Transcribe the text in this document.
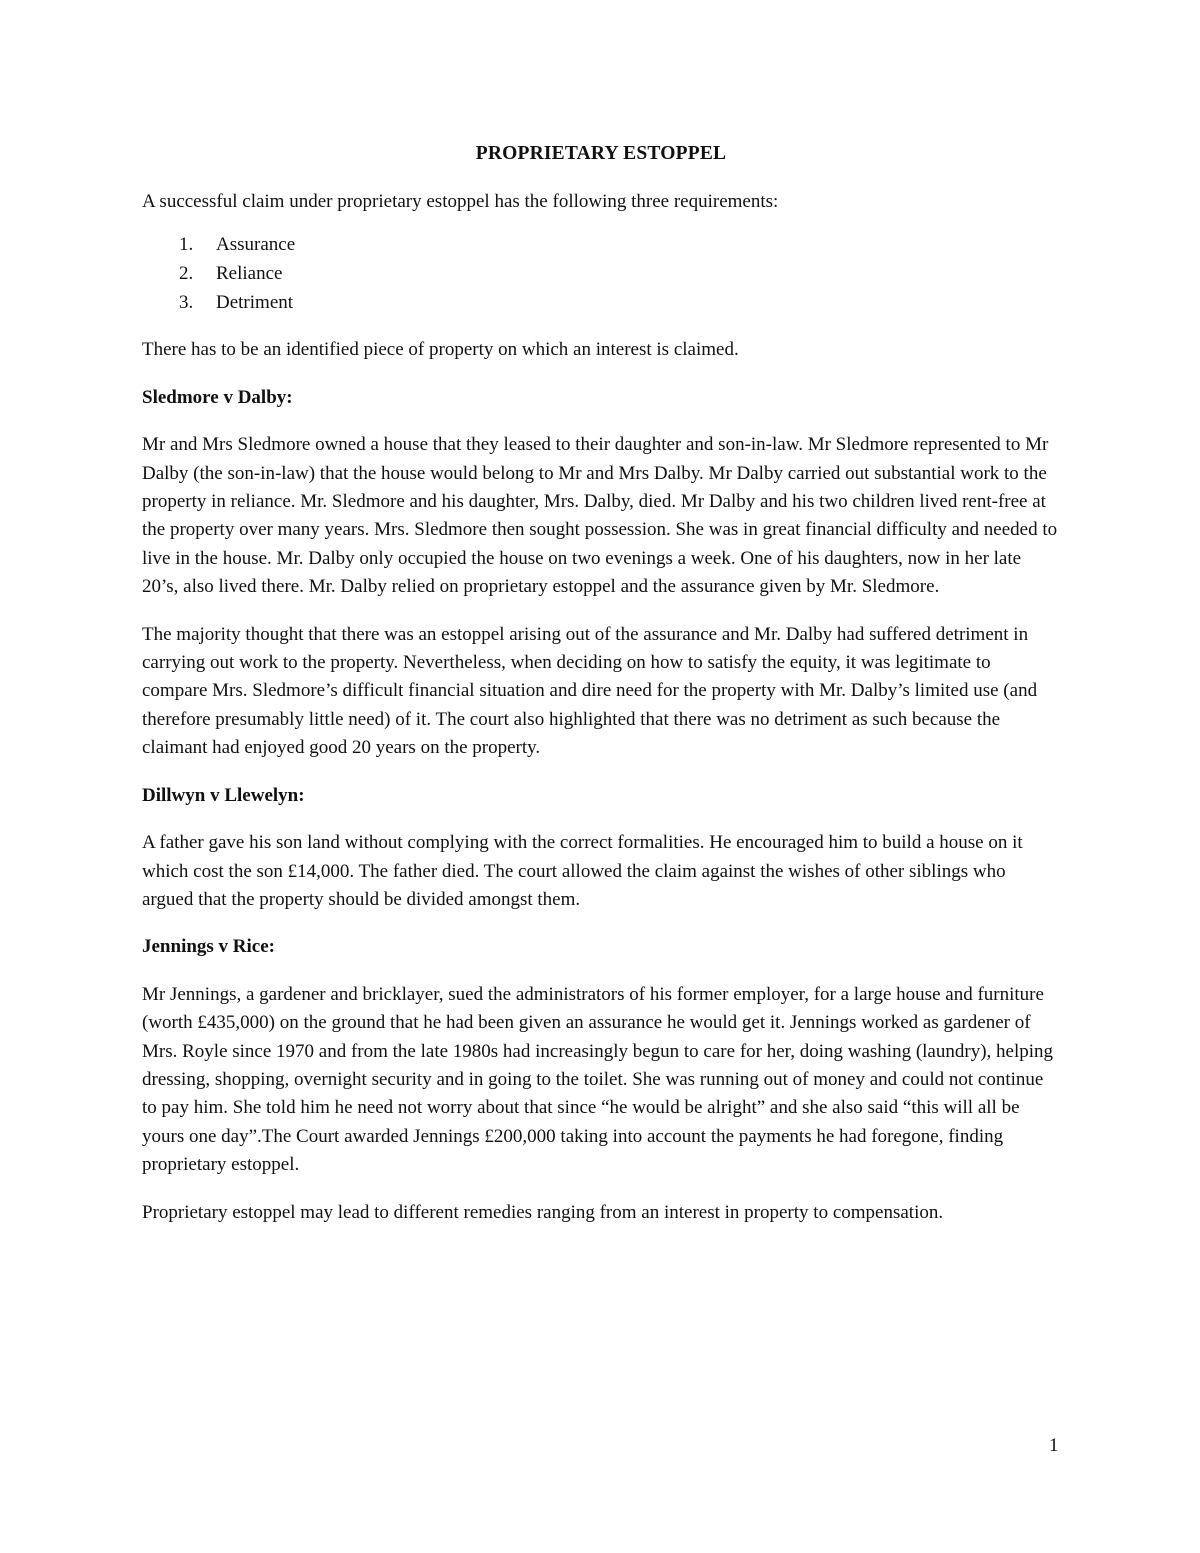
PROPRIETARY ESTOPPEL

A successful claim under proprietary estoppel has the following three requirements:

1. Assurance
2. Reliance
3. Detriment

There has to be an identified piece of property on which an interest is claimed.

Sledmore v Dalby:

Mr and Mrs Sledmore owned a house that they leased to their daughter and son-in-law. Mr Sledmore represented to Mr Dalby (the son-in-law) that the house would belong to Mr and Mrs Dalby. Mr Dalby carried out substantial work to the property in reliance. Mr. Sledmore and his daughter, Mrs. Dalby, died. Mr Dalby and his two children lived rent-free at the property over many years. Mrs. Sledmore then sought possession. She was in great financial difficulty and needed to live in the house. Mr. Dalby only occupied the house on two evenings a week. One of his daughters, now in her late 20’s, also lived there. Mr. Dalby relied on proprietary estoppel and the assurance given by Mr. Sledmore.

The majority thought that there was an estoppel arising out of the assurance and Mr. Dalby had suffered detriment in carrying out work to the property. Nevertheless, when deciding on how to satisfy the equity, it was legitimate to compare Mrs. Sledmore’s difficult financial situation and dire need for the property with Mr. Dalby’s limited use (and therefore presumably little need) of it. The court also highlighted that there was no detriment as such because the claimant had enjoyed good 20 years on the property.

Dillwyn v Llewelyn:

A father gave his son land without complying with the correct formalities. He encouraged him to build a house on it which cost the son £14,000. The father died. The court allowed the claim against the wishes of other siblings who argued that the property should be divided amongst them.

Jennings v Rice:

Mr Jennings, a gardener and bricklayer, sued the administrators of his former employer, for a large house and furniture (worth £435,000) on the ground that he had been given an assurance he would get it. Jennings worked as gardener of Mrs. Royle since 1970 and from the late 1980s had increasingly begun to care for her, doing washing (laundry), helping dressing, shopping, overnight security and in going to the toilet. She was running out of money and could not continue to pay him. She told him he need not worry about that since “he would be alright” and she also said “this will all be yours one day”.The Court awarded Jennings £200,000 taking into account the payments he had foregone, finding proprietary estoppel.

Proprietary estoppel may lead to different remedies ranging from an interest in property to compensation.

1
